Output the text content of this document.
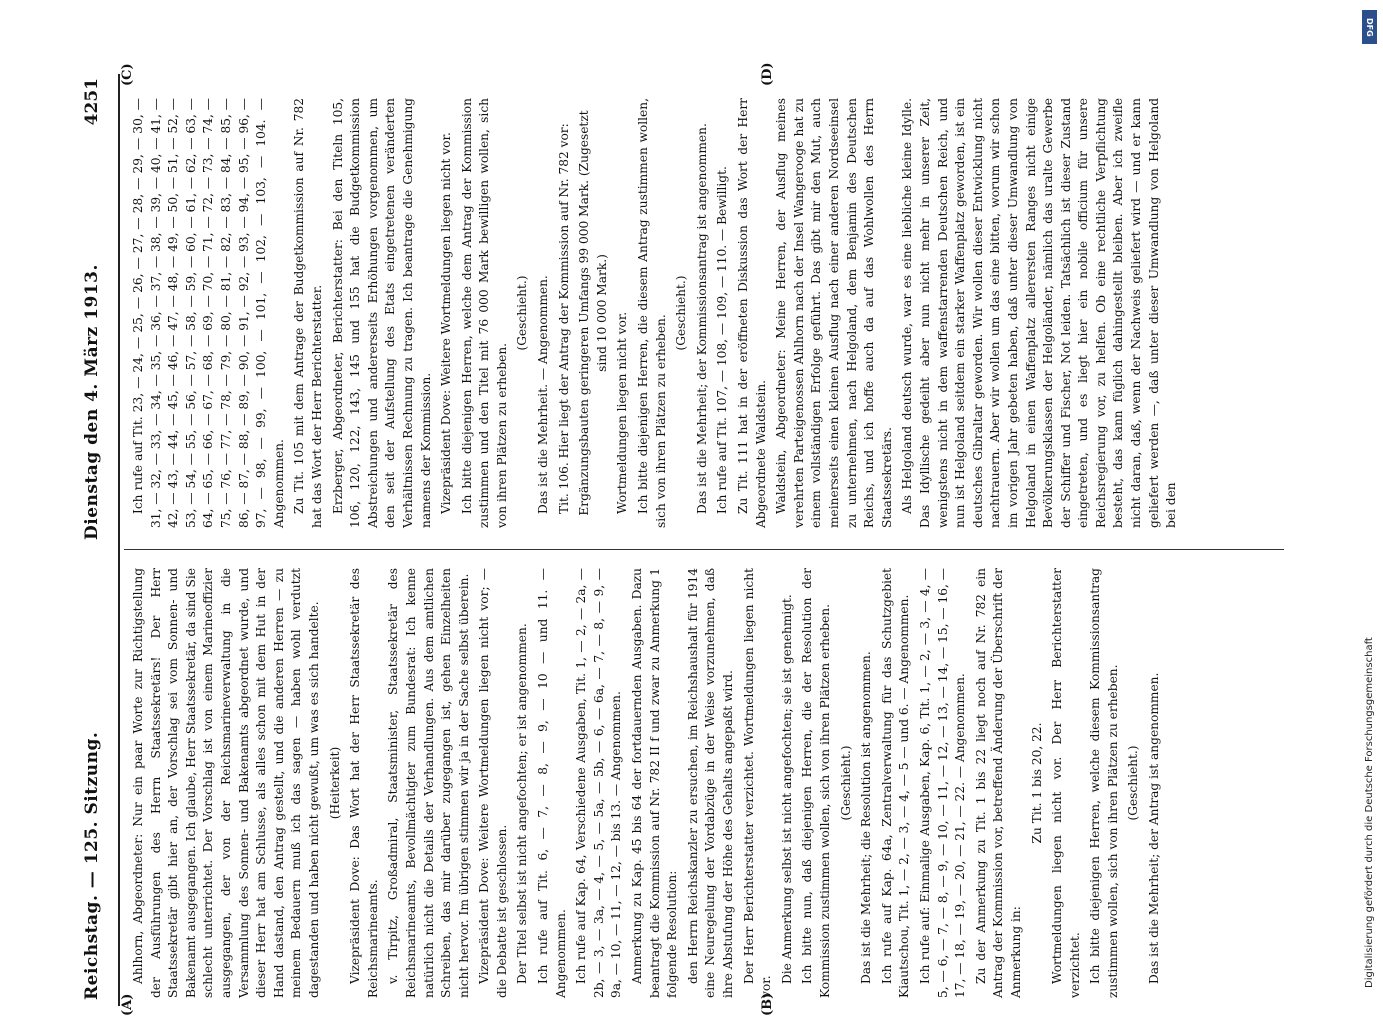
Reichstag. — 125. Sitzung.
Dienstag den 4. März 1913.
4251
(A)	(B)
(C)	(D)

Ahlhorn, Abgeordneter: Nur ein paar Worte zur Richtigstellung der Ausführungen des Herrn Staatssekretärs! Der Herr Staatssekretär gibt hier an, der Vorschlag sei vom Sonnen- und Bakenamt ausgegangen. Ich glaube, Herr Staatssekretär, da sind Sie schlecht unterrichtet. Der Vorschlag ist von einem Marineoffizier ausgegangen, der von der Reichsmarineverwaltung in die Versammlung des Sonnen- und Bakenamts abgeordnet wurde, und dieser Herr hat am Schlusse, als alles schon mit dem Hut in der Hand dastand, den Antrag gestellt, und die anderen Herren — zu meinem Bedauern muß ich das sagen — haben wohl verdutzt dagestanden und haben nicht gewußt, um was es sich handelte. (Heiterkeit) Vizepräsident Dove: Das Wort hat der Herr Staatssekretär des Reichsmarineamts. v. Tirpitz, Großadmiral, Staatsminister, Staatssekretär des Reichsmarineamts, Bevollmächtigter zum Bundesrat: Ich kenne natürlich nicht die Details der Verhandlungen. Aus dem amtlichen Schreiben, das mir darüber zugegangen ist, gehen Einzelheiten nicht hervor. Im übrigen stimmen wir ja in der Sache selbst überein. Vizepräsident Dove: Weitere Wortmeldungen liegen nicht vor; — die Debatte ist geschlossen. Der Titel selbst ist nicht angefochten; er ist angenommen. Ich rufe auf Tit. 6, — 7, — 8, — 9, — 10 — und 11. — Angenommen. Ich rufe auf Kap. 64, Verschiedene Ausgaben, Tit. 1, — 2, — 2a, — 2b, — 3, — 3a, — 4, — 5, — 5a, — 5b, — 6, — 6a, — 7, — 8, — 9, — 9a, — 10, — 11, — 12, — bis 13. — Angenommen. Anmerkung zu Kap. 45 bis 64 der fortdauernden Ausgaben. Dazu beantragt die Kommission auf Nr. 782 II f und zwar zu Anmerkung 1 folgende Resolution: den Herrn Reichskanzler zu ersuchen, im Reichshaushalt für 1914 eine Neuregelung der Vordabzüge in der Weise vorzunehmen, daß ihre Abstufung der Höhe des Gehalts angepaßt wird. Der Herr Berichterstatter verzichtet. Wortmeldungen liegen nicht vor.

Die Anmerkung selbst ist nicht angefochten; sie ist genehmigt. Ich bitte nun, daß diejenigen Herren, die der Resolution der Kommission zustimmen wollen, sich von ihren Plätzen erheben. (Geschieht.) Das ist die Mehrheit; die Resolution ist angenommen. Ich rufe auf Kap. 64a, Zentralverwaltung für das Schutzgebiet Kiautschou, Tit. 1, — 2, — 3, — 4, — 5 — und 6. — Angenommen. Ich rufe auf: Einmalige Ausgaben, Kap. 6, Tit. 1, — 2, — 3, — 4, — 5, — 6, — 7, — 8, — 9, — 10, — 11, — 12, — 13, — 14, — 15, — 16, — 17, — 18, — 19, — 20, — 21, — 22. — Angenommen. Zu der Anmerkung zu Tit. 1 bis 22 liegt noch auf Nr. 782 ein Antrag der Kommission vor, betreffend Änderung der Überschrift der Anmerkung in:

Zu Tit. 1 bis 20, 22. Wortmeldungen liegen nicht vor. Der Herr Berichterstatter verzichtet. Ich bitte diejenigen Herren, welche diesem Kommissionsantrag zustimmen wollen, sich von ihren Plätzen zu erheben. (Geschieht.) Das ist die Mehrheit; der Antrag ist angenommen.

Ich rufe auf Tit. 23, — 24, — 25, — 26, — 27, — 28, — 29, — 30, — 31, — 32, — 33, — 34, — 35, — 36, — 37, — 38, — 39, — 40, — 41, — 42, — 43, — 44, — 45, — 46, — 47, — 48, — 49, — 50, — 51, — 52, — 53, — 54, — 55, — 56, — 57, — 58, — 59, — 60, — 61, — 62, — 63, — 64, — 65, — 66, — 67, — 68, — 69, — 70, — 71, — 72, — 73, — 74, — 75, — 76, — 77, — 78, — 79, — 80, — 81, — 82, — 83, — 84, — 85, — 86, — 87, — 88, — 89, — 90, — 91, — 92, — 93, — 94, — 95, — 96, — 97, — 98, — 99, — 100, — 101, — 102, — 103, — 104. — Angenommen. Zu Tit. 105 mit dem Antrage der Budgetkommission auf Nr. 782 hat das Wort der Herr Berichterstatter. Erzberger, Abgeordneter, Berichterstatter: Bei den Titeln 105, 106, 120, 122, 143, 145 und 155 hat die Budgetkommission Abstreichungen und andererseits Erhöhungen vorgenommen, um den seit der Aufstellung des Etats eingetretenen veränderten Verhältnissen Rechnung zu tragen. Ich beantrage die Genehmigung namens der Kommission. Vizepräsident Dove: Weitere Wortmeldungen liegen nicht vor. Ich bitte diejenigen Herren, welche dem Antrag der Kommission zustimmen und den Titel mit 76 000 Mark bewilligen wollen, sich von ihren Plätzen zu erheben.

(Geschieht.) Das ist die Mehrheit. — Angenommen. Tit. 106. Hier liegt der Antrag der Kommission auf Nr. 782 vor: Ergänzungsbauten geringeren Umfangs 99 000 Mark. (Zugesetzt sind 10 000 Mark.) Wortmeldungen liegen nicht vor. Ich bitte diejenigen Herren, die diesem Antrag zustimmen wollen, sich von ihren Plätzen zu erheben.

(Geschieht.) Das ist die Mehrheit; der Kommissionsantrag ist angenommen. Ich rufe auf Tit. 107, — 108, — 109, — 110. — Bewilligt. Zu Tit. 111 hat in der eröffneten Diskussion das Wort der Herr Abgeordnete Waldstein. Waldstein, Abgeordneter: Meine Herren, der Ausflug meines verehrten Parteigenossen Ahlhorn nach der Insel Wangerooge hat zu einem vollständigen Erfolge geführt. Das gibt mir den Mut, auch meinerseits einen kleinen Ausflug nach einer anderen Nordseeinsel zu unternehmen, nach Helgoland, dem Benjamin des Deutschen Reichs, und ich hoffe auch da auf das Wohlwollen des Herrn Staatssekretärs. Als Helgoland deutsch wurde, war es eine liebliche kleine Idylle. Das Idyllische gedeiht aber nun nicht mehr in unserer Zeit, wenigstens nicht in dem waffenstarrenden Deutschen Reich, und nun ist Helgoland seitdem ein starker Waffenplatz geworden, ist ein deutsches Gibraltar geworden. Wir wollen dieser Entwicklung nicht nachtrauern. Aber wir wollen um das eine bitten, worum wir schon im vorigen Jahr gebeten haben, daß unter dieser Umwandlung von Helgoland in einen Waffenplatz allerersten Ranges nicht einige Bevölkerungsklassen der Helgoländer, nämlich das uralte Gewerbe der Schiffer und Fischer, Not leiden. Tatsächlich ist dieser Zustand eingetreten, und es liegt hier ein nobile officium für unsere Reichsregierung vor, zu helfen. Ob eine rechtliche Verpflichtung besteht, das kann füglich dahingestellt bleiben. Aber ich zweifle nicht daran, daß, wenn der Nachweis geliefert wird — und er kann geliefert werden —, daß unter dieser Umwandlung von Helgoland bei den

DFG
Digitalisierung gefördert durch die Deutsche Forschungsgemeinschaft
